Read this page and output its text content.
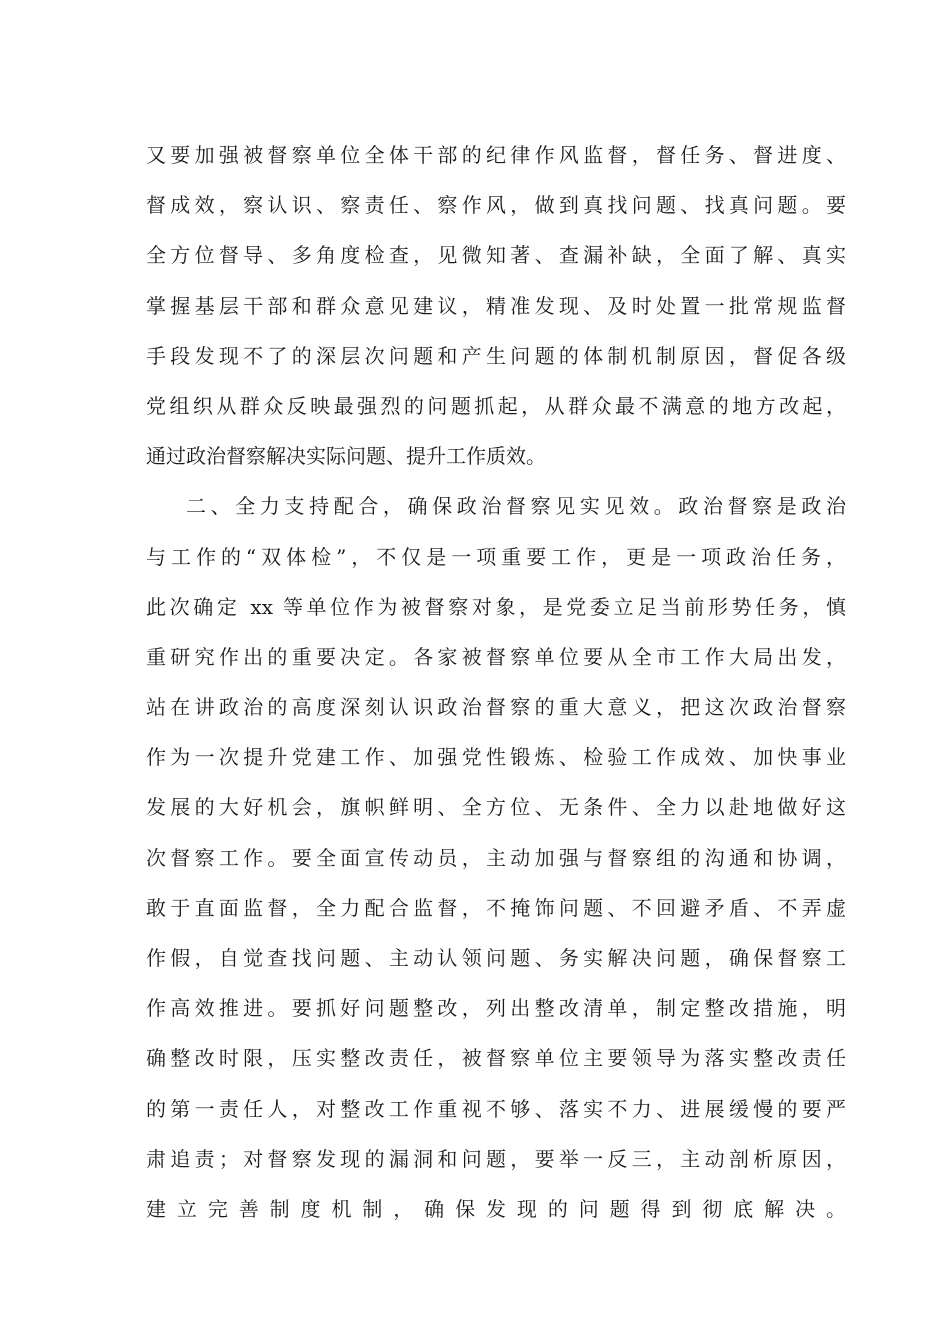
又要加强被督察单位全体干部的纪律作风监督，督任务、督进度、
督成效，察认识、察责任、察作风，做到真找问题、找真问题。要
全方位督导、多角度检查，见微知著、查漏补缺，全面了解、真实
掌握基层干部和群众意见建议，精准发现、及时处置一批常规监督
手段发现不了的深层次问题和产生问题的体制机制原因，督促各级
党组织从群众反映最强烈的问题抓起，从群众最不满意的地方改起，
通过政治督察解决实际问题、提升工作质效。
二、全力支持配合，确保政治督察见实见效。政治督察是政治
与工作的“双体检”，不仅是一项重要工作，更是一项政治任务，
此次确定 xx 等单位作为被督察对象，是党委立足当前形势任务，慎
重研究作出的重要决定。各家被督察单位要从全市工作大局出发，
站在讲政治的高度深刻认识政治督察的重大意义，把这次政治督察
作为一次提升党建工作、加强党性锻炼、检验工作成效、加快事业
发展的大好机会，旗帜鲜明、全方位、无条件、全力以赴地做好这
次督察工作。要全面宣传动员，主动加强与督察组的沟通和协调，
敢于直面监督，全力配合监督，不掩饰问题、不回避矛盾、不弄虚
作假，自觉查找问题、主动认领问题、务实解决问题，确保督察工
作高效推进。要抓好问题整改，列出整改清单，制定整改措施，明
确整改时限，压实整改责任，被督察单位主要领导为落实整改责任
的第一责任人，对整改工作重视不够、落实不力、进展缓慢的要严
肃追责；对督察发现的漏洞和问题，要举一反三，主动剖析原因，
建立完善制度机制，确保发现的问题得到彻底解决。
